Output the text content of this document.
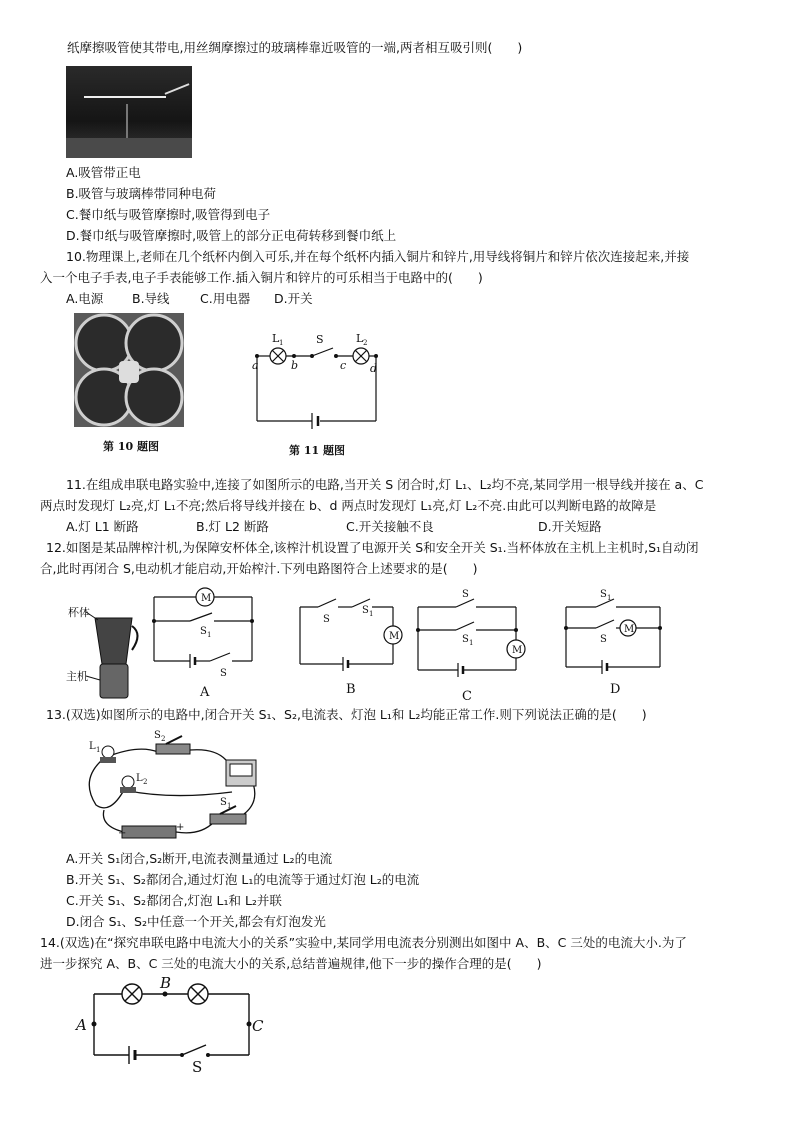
纸摩擦吸管使其带电,用丝绸摩擦过的玻璃棒靠近吸管的一端,两者相互吸引则(　　)
A.吸管带正电
B.吸管与玻璃棒带同种电荷
C.餐巾纸与吸管摩擦时,吸管得到电子
D.餐巾纸与吸管摩擦时,吸管上的部分正电荷转移到餐巾纸上
10.物理课上,老师在几个纸杯内倒入可乐,并在每个纸杯内插入铜片和锌片,用导线将铜片和锌片依次连接起来,并接
入一个电子手表,电子手表能够工作.插入铜片和锌片的可乐相当于电路中的(　　)
A.电源 B.导线 C.用电器 D.开关
第 10 题图
L 1	L 2
S
a	b	c d
第 11 题图
11.在组成串联电路实验中,连接了如图所示的电路,当开关 S 闭合时,灯 L₁、L₂均不亮,某同学用一根导线并接在 a、C
两点时发现灯 L₂亮,灯 L₁不亮;然后将导线并接在 b、d 两点时发现灯 L₁亮,灯 L₂不亮.由此可以判断电路的故障是
A.灯 L1 断路	B.灯 L2 断路	C.开关接触不良	D.开关短路
12.如图是某品牌榨汁机,为保障安杯体全,该榨汁机设置了电源开关 S和安全开关 S₁.当杯体放在主机上主机时,S₁自动闭
合,此时再闭合 S,电动机才能启动,开始榨汁.下列电路图符合上述要求的是(　　)
杯体
主机
M
S 1
S
S
S 1
M
S
S 1
M
S 1
S
M
A	B	C	D
13.(双选)如图所示的电路中,闭合开关 S₁、S₂,电流表、灯泡 L₁和 L₂均能正常工作.则下列说法正确的是(　　)
−
+
L 1
L 2
S 2
S 1
A.开关 S₁闭合,S₂断开,电流表测量通过 L₂的电流
B.开关 S₁、S₂都闭合,通过灯泡 L₁的电流等于通过灯泡 L₂的电流
C.开关 S₁、S₂都闭合,灯泡 L₁和 L₂并联
D.闭合 S₁、S₂中任意一个开关,都会有灯泡发光
14.(双选)在“探究串联电路中电流大小的关系”实验中,某同学用电流表分别测出如图中 A、B、C 三处的电流大小.为了
进一步探究 A、B、C 三处的电流大小的关系,总结普遍规律,他下一步的操作合理的是(　　)
A
B
C
S
